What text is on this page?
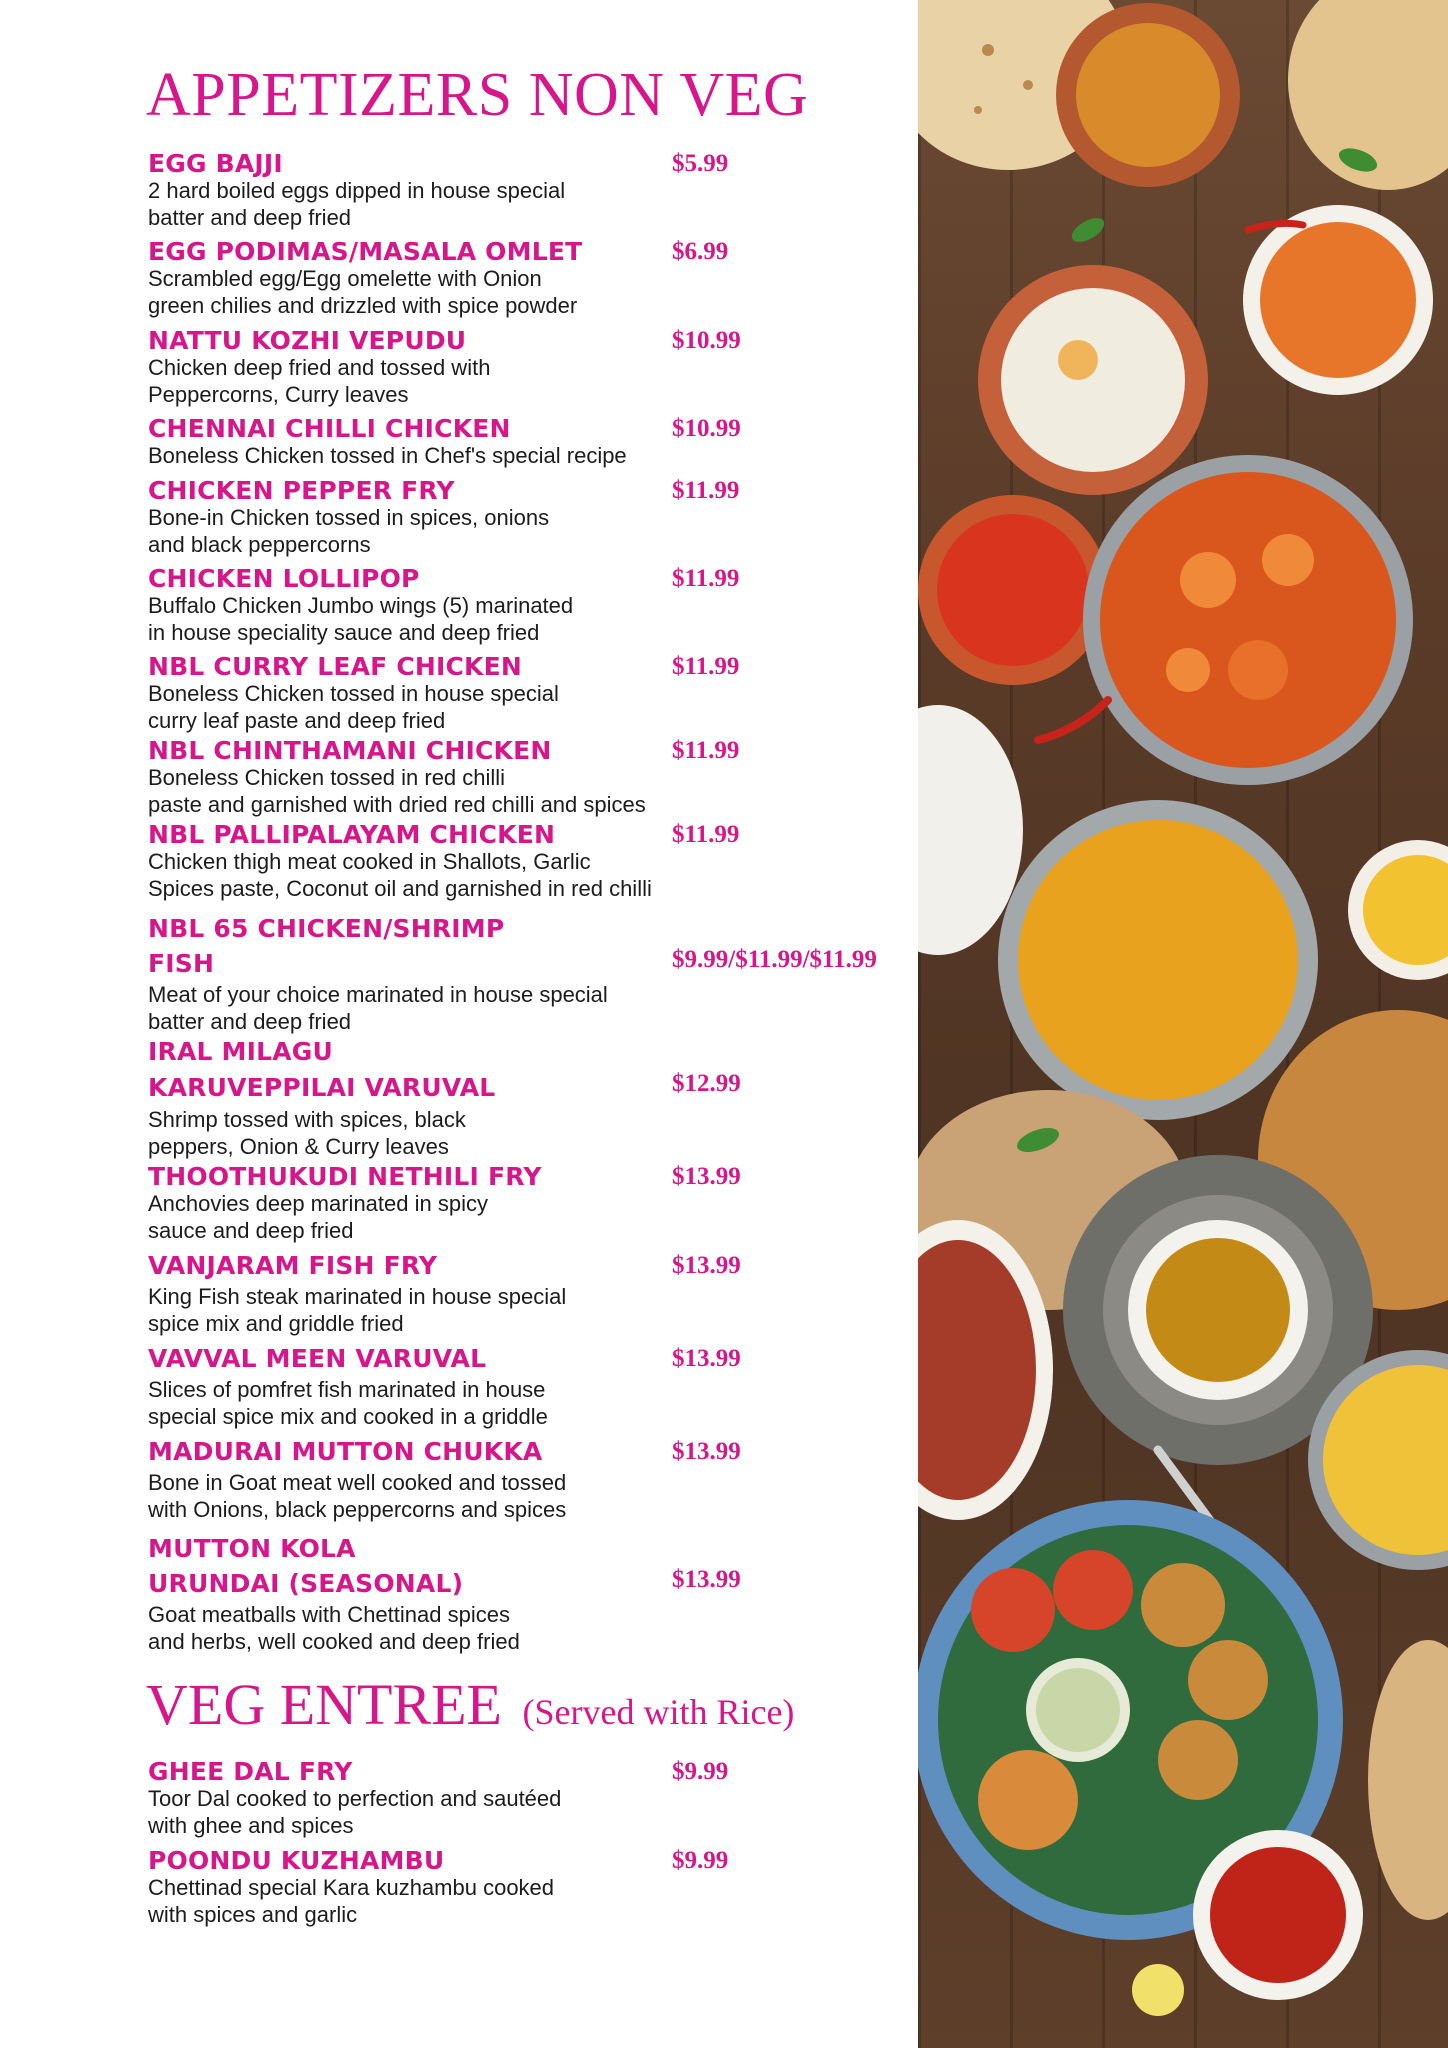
APPETIZERS NON VEG
EGG BAJJI	$5.99
2 hard boiled eggs dipped in house special
batter and deep fried
EGG PODIMAS/MASALA OMLET	$6.99
Scrambled egg/Egg omelette with Onion
green chilies and drizzled with spice powder
NATTU KOZHI VEPUDU	$10.99
Chicken deep fried and tossed with
Peppercorns, Curry leaves
CHENNAI CHILLI CHICKEN	$10.99
Boneless Chicken tossed in Chef's special recipe
CHICKEN PEPPER FRY	$11.99
Bone-in Chicken tossed in spices, onions
and black peppercorns
CHICKEN LOLLIPOP	$11.99
Buffalo Chicken Jumbo wings (5) marinated
in house speciality sauce and deep fried
NBL CURRY LEAF CHICKEN	$11.99
Boneless Chicken tossed in house special
curry leaf paste and deep fried
NBL CHINTHAMANI CHICKEN	$11.99
Boneless Chicken tossed in red chilli
paste and garnished with dried red chilli and spices
NBL PALLIPALAYAM CHICKEN	$11.99
Chicken thigh meat cooked in Shallots, Garlic
Spices paste, Coconut oil and garnished in red chilli
NBL 65 CHICKEN/SHRIMP
FISH	$9.99/$11.99/$11.99
Meat of your choice marinated in house special
batter and deep fried
IRAL MILAGU
KARUVEPPILAI VARUVAL	$12.99
Shrimp tossed with spices, black
peppers, Onion & Curry leaves
THOOTHUKUDI NETHILI FRY	$13.99
Anchovies deep marinated in spicy
sauce and deep fried
VANJARAM FISH FRY	$13.99
King Fish steak marinated in house special
spice mix and griddle fried
VAVVAL MEEN VARUVAL	$13.99
Slices of pomfret fish marinated in house
special spice mix and cooked in a griddle
MADURAI MUTTON CHUKKA	$13.99
Bone in Goat meat well cooked and tossed
with Onions, black peppercorns and spices
MUTTON KOLA
URUNDAI (SEASONAL)	$13.99
Goat meatballs with Chettinad spices
and herbs, well cooked and deep fried
VEG ENTREE (Served with Rice)
GHEE DAL FRY	$9.99
Toor Dal cooked to perfection and sautéed
with ghee and spices
POONDU KUZHAMBU	$9.99
Chettinad special Kara kuzhambu cooked
with spices and garlic
